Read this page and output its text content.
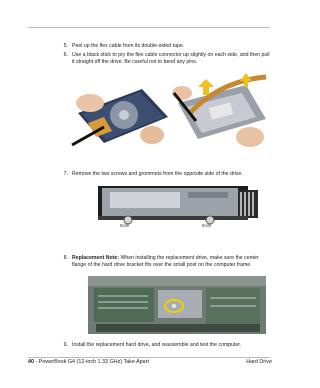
5. Peel up the flex cable from its double-sided tape.
6. Use a black stick to pry the flex cable connector up slightly on each side, and then pull
it straight off the drive. Be careful not to bend any pins.
7. Remove the two screws and grommets from the opposite side of the drive.
5mm	5mm
8. Replacement Note: When installing the replacement drive, make sure the center
flange of the hard drive bracket fits over the small post on the computer frame.
9. Install the replacement hard drive, and reassemble and test the computer.
40 - PowerBook G4 (12-inch 1.33 GHz) Take Apart	Hard Drive
